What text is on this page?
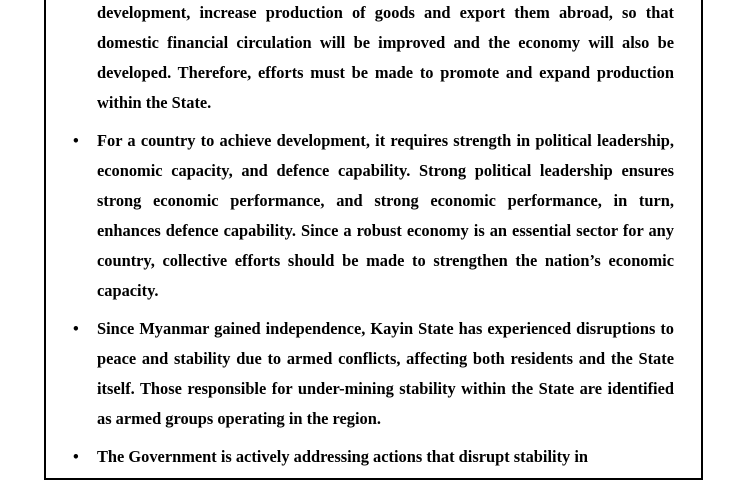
development, increase production of goods and export them abroad, so that domestic financial circulation will be improved and the economy will also be developed. Therefore, efforts must be made to promote and expand production within the State.

• For a country to achieve development, it requires strength in political leadership, economic capacity, and defence capability. Strong political leadership ensures strong economic performance, and strong economic performance, in turn, enhances defence capability. Since a robust economy is an essential sector for any country, collective efforts should be made to strengthen the nation’s economic capacity.

• Since Myanmar gained independence, Kayin State has experienced disruptions to peace and stability due to armed conflicts, affecting both residents and the State itself. Those responsible for under-mining stability within the State are identified as armed groups operating in the region.

• The Government is actively addressing actions that disrupt stability in
